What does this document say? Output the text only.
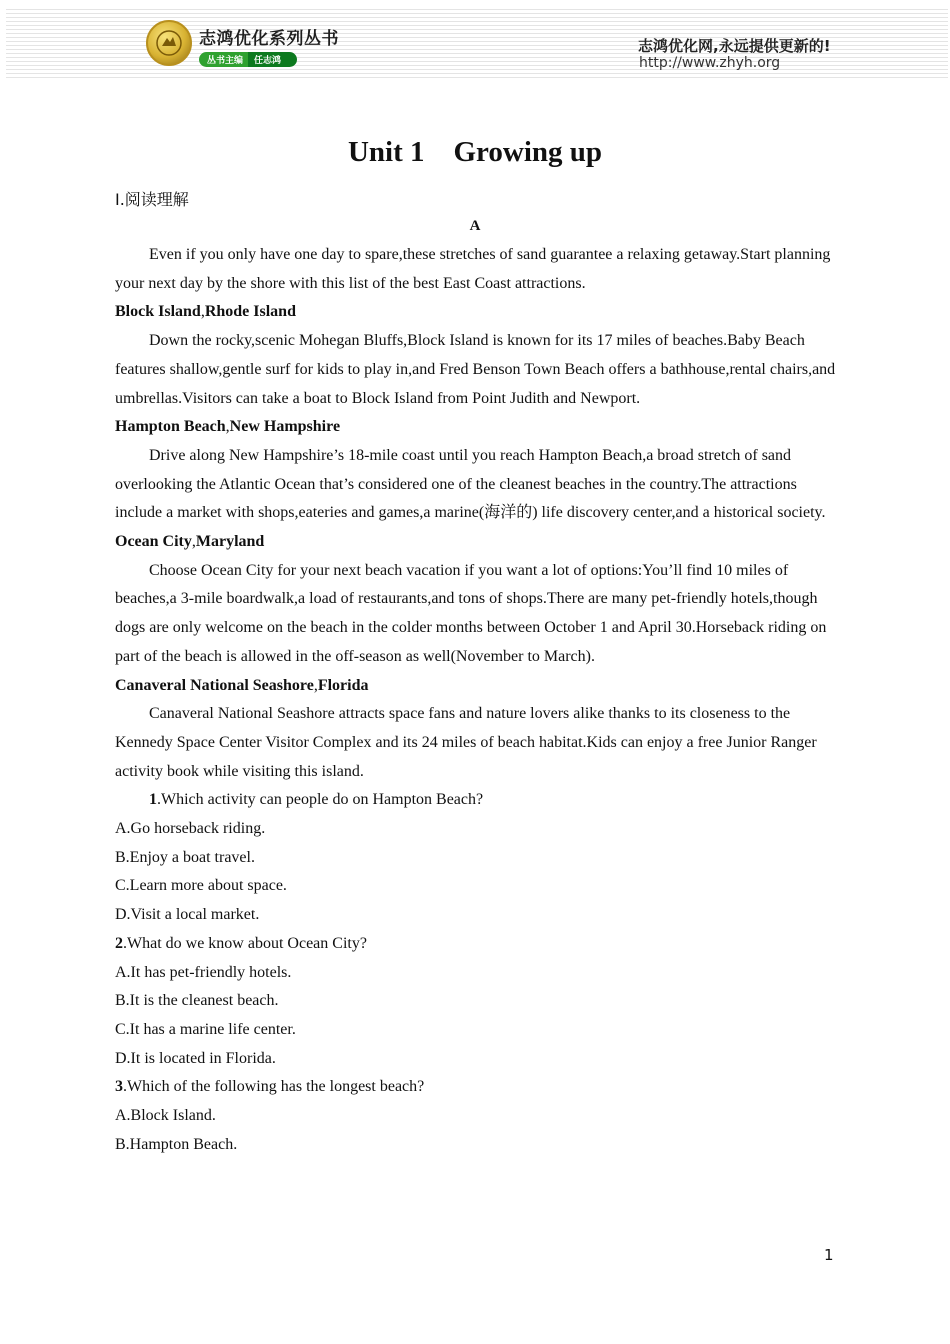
志鸿优化系列丛书
丛书主编 任志鸿
志鸿优化网,永远提供更新的!
http://www.zhyh.org
Unit 1    Growing up
Ⅰ.阅读理解
A

Even if you only have one day to spare,these stretches of sand guarantee a relaxing getaway.Start planning your next day by the shore with this list of the best East Coast attractions.

Block Island,Rhode Island

Down the rocky,scenic Mohegan Bluffs,Block Island is known for its 17 miles of beaches.Baby Beach features shallow,gentle surf for kids to play in,and Fred Benson Town Beach offers a bathhouse,rental chairs,and umbrellas.Visitors can take a boat to Block Island from Point Judith and Newport.

Hampton Beach,New Hampshire

Drive along New Hampshire’s 18-mile coast until you reach Hampton Beach,a broad stretch of sand overlooking the Atlantic Ocean that’s considered one of the cleanest beaches in the country.The attractions include a market with shops,eateries and games,a marine(海洋的) life discovery center,and a historical society.

Ocean City,Maryland

Choose Ocean City for your next beach vacation if you want a lot of options:You’ll find 10 miles of beaches,a 3-mile boardwalk,a load of restaurants,and tons of shops.There are many pet-friendly hotels,though dogs are only welcome on the beach in the colder months between October 1 and April 30.Horseback riding on part of the beach is allowed in the off-season as well(November to March).

Canaveral National Seashore,Florida

Canaveral National Seashore attracts space fans and nature lovers alike thanks to its closeness to the Kennedy Space Center Visitor Complex and its 24 miles of beach habitat.Kids can enjoy a free Junior Ranger activity book while visiting this island.

1.Which activity can people do on Hampton Beach?

A.Go horseback riding.

B.Enjoy a boat travel.

C.Learn more about space.

D.Visit a local market.

2.What do we know about Ocean City?

A.It has pet-friendly hotels.

B.It is the cleanest beach.

C.It has a marine life center.

D.It is located in Florida.

3.Which of the following has the longest beach?

A.Block Island.

B.Hampton Beach.

1
